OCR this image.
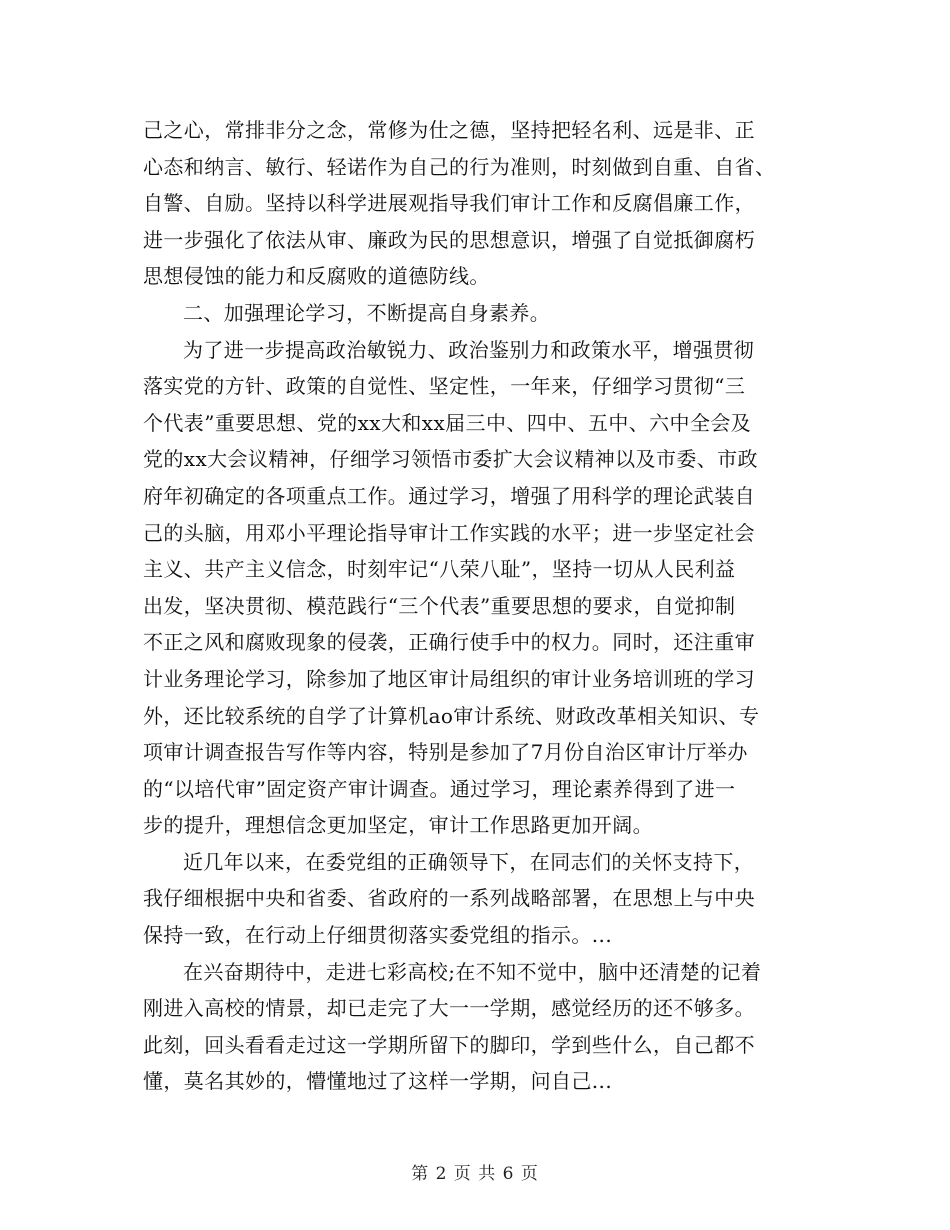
己之心，常排非分之念，常修为仕之德，坚持把轻名利、远是非、正
心态和纳言、敏行、轻诺作为自己的行为准则，时刻做到自重、自省、
自警、自励。坚持以科学进展观指导我们审计工作和反腐倡廉工作，
进一步强化了依法从审、廉政为民的思想意识，增强了自觉抵御腐朽
思想侵蚀的能力和反腐败的道德防线。
二、加强理论学习，不断提高自身素养。
为了进一步提高政治敏锐力、政治鉴别力和政策水平，增强贯彻
落实党的方针、政策的自觉性、坚定性，一年来，仔细学习贯彻“三
个代表”重要思想、党的xx大和xx届三中、四中、五中、六中全会及
党的xx大会议精神，仔细学习领悟市委扩大会议精神以及市委、市政
府年初确定的各项重点工作。通过学习，增强了用科学的理论武装自
己的头脑，用邓小平理论指导审计工作实践的水平；进一步坚定社会
主义、共产主义信念，时刻牢记“八荣八耻”，坚持一切从人民利益
出发，坚决贯彻、模范践行“三个代表”重要思想的要求，自觉抑制
不正之风和腐败现象的侵袭，正确行使手中的权力。同时，还注重审
计业务理论学习，除参加了地区审计局组织的审计业务培训班的学习
外，还比较系统的自学了计算机ao审计系统、财政改革相关知识、专
项审计调查报告写作等内容，特别是参加了7月份自治区审计厅举办
的“以培代审”固定资产审计调查。通过学习，理论素养得到了进一
步的提升，理想信念更加坚定，审计工作思路更加开阔。
近几年以来，在委党组的正确领导下，在同志们的关怀支持下，
我仔细根据中央和省委、省政府的一系列战略部署，在思想上与中央
保持一致，在行动上仔细贯彻落实委党组的指示。...
在兴奋期待中，走进七彩高校;在不知不觉中，脑中还清楚的记着
刚进入高校的情景，却已走完了大一一学期，感觉经历的还不够多。
此刻，回头看看走过这一学期所留下的脚印，学到些什么，自己都不
懂，莫名其妙的，懵懂地过了这样一学期，问自己...
第 2 页 共 6 页
